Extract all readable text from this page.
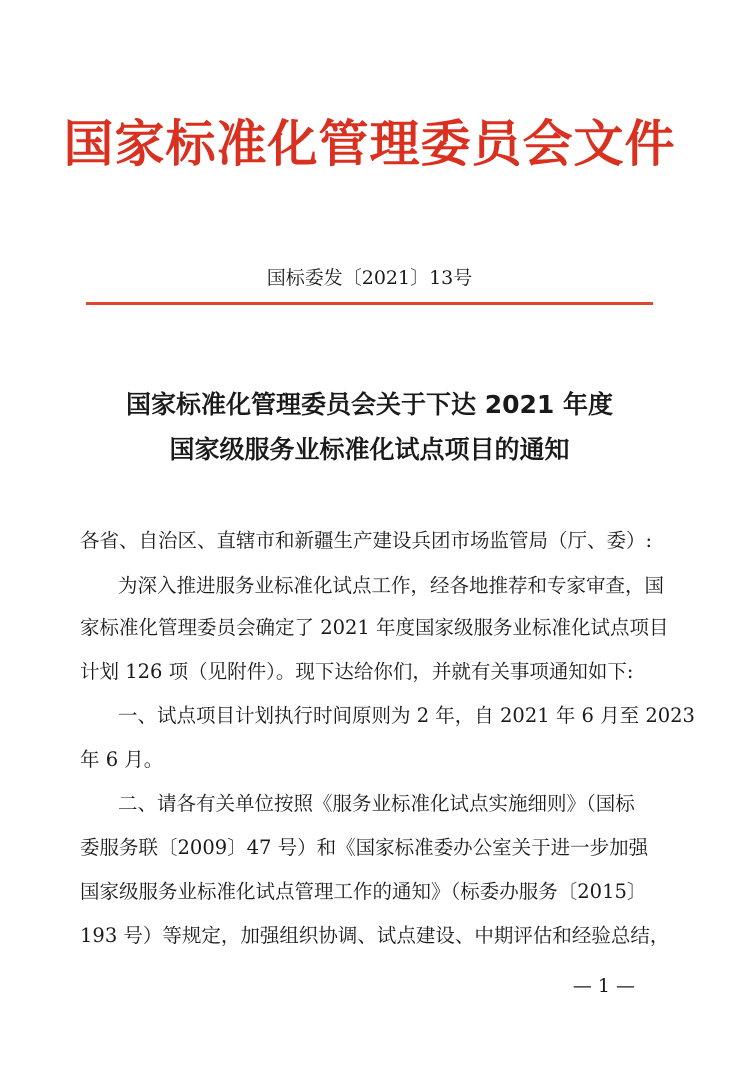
国家标准化管理委员会文件
国标委发〔2021〕13号
国家标准化管理委员会关于下达 2021 年度
国家级服务业标准化试点项目的通知
各省、自治区、直辖市和新疆生产建设兵团市场监管局（厅、委）:
为深入推进服务业标准化试点工作，经各地推荐和专家审查，国
家标准化管理委员会确定了 2021 年度国家级服务业标准化试点项目
计划 126 项（见附件）。现下达给你们，并就有关事项通知如下:
一、试点项目计划执行时间原则为 2 年，自 2021 年 6 月至 2023
年 6 月。
二、请各有关单位按照《服务业标准化试点实施细则》（国标
委服务联〔2009〕47 号）和《国家标准委办公室关于进一步加强
国家级服务业标准化试点管理工作的通知》（标委办服务〔2015〕
193 号）等规定，加强组织协调、试点建设、中期评估和经验总结，
— 1 —
